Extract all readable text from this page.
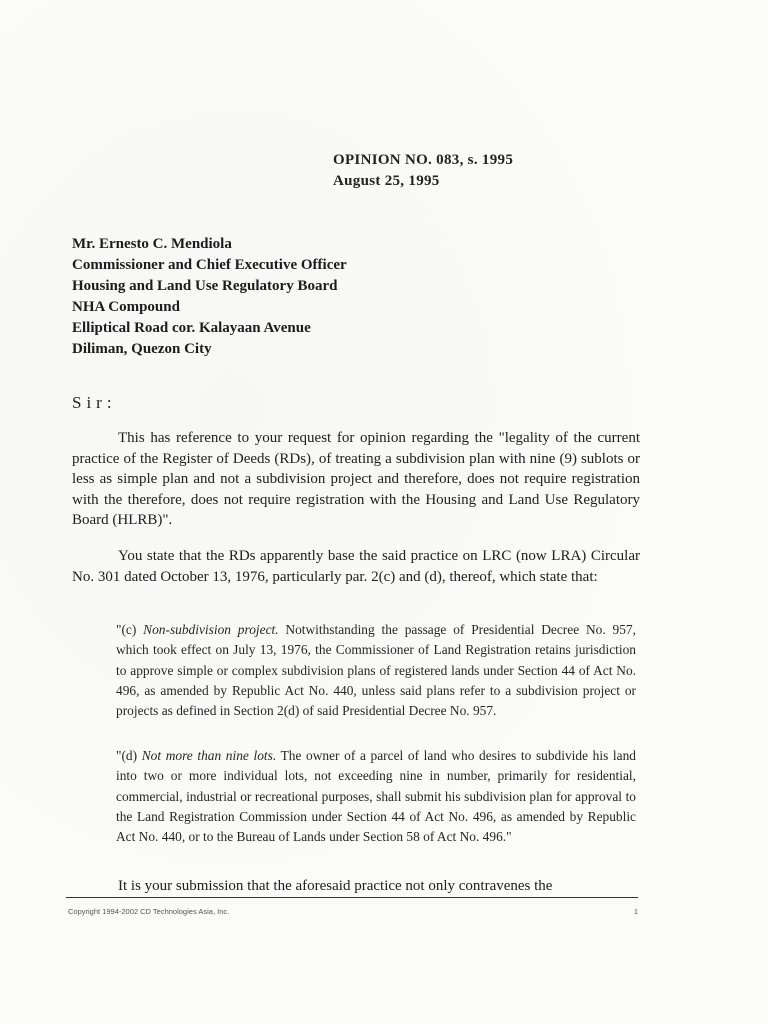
OPINION NO. 083, s. 1995
August 25, 1995
Mr. Ernesto C. Mendiola
Commissioner and Chief Executive Officer
Housing and Land Use Regulatory Board
NHA Compound
Elliptical Road cor. Kalayaan Avenue
Diliman, Quezon City
Sir:

This has reference to your request for opinion regarding the "legality of the current practice of the Register of Deeds (RDs), of treating a subdivision plan with nine (9) sublots or less as simple plan and not a subdivision project and therefore, does not require registration with the therefore, does not require registration with the Housing and Land Use Regulatory Board (HLRB)".

You state that the RDs apparently base the said practice on LRC (now LRA) Circular No. 301 dated October 13, 1976, particularly par. 2(c) and (d), thereof, which state that:

"(c) Non-subdivision project. Notwithstanding the passage of Presidential Decree No. 957, which took effect on July 13, 1976, the Commissioner of Land Registration retains jurisdiction to approve simple or complex subdivision plans of registered lands under Section 44 of Act No. 496, as amended by Republic Act No. 440, unless said plans refer to a subdivision project or projects as defined in Section 2(d) of said Presidential Decree No. 957.

"(d) Not more than nine lots. The owner of a parcel of land who desires to subdivide his land into two or more individual lots, not exceeding nine in number, primarily for residential, commercial, industrial or recreational purposes, shall submit his subdivision plan for approval to the Land Registration Commission under Section 44 of Act No. 496, as amended by Republic Act No. 440, or to the Bureau of Lands under Section 58 of Act No. 496."

It is your submission that the aforesaid practice not only contravenes the

Copyright 1994-2002 CD Technologies Asia, Inc.	1
